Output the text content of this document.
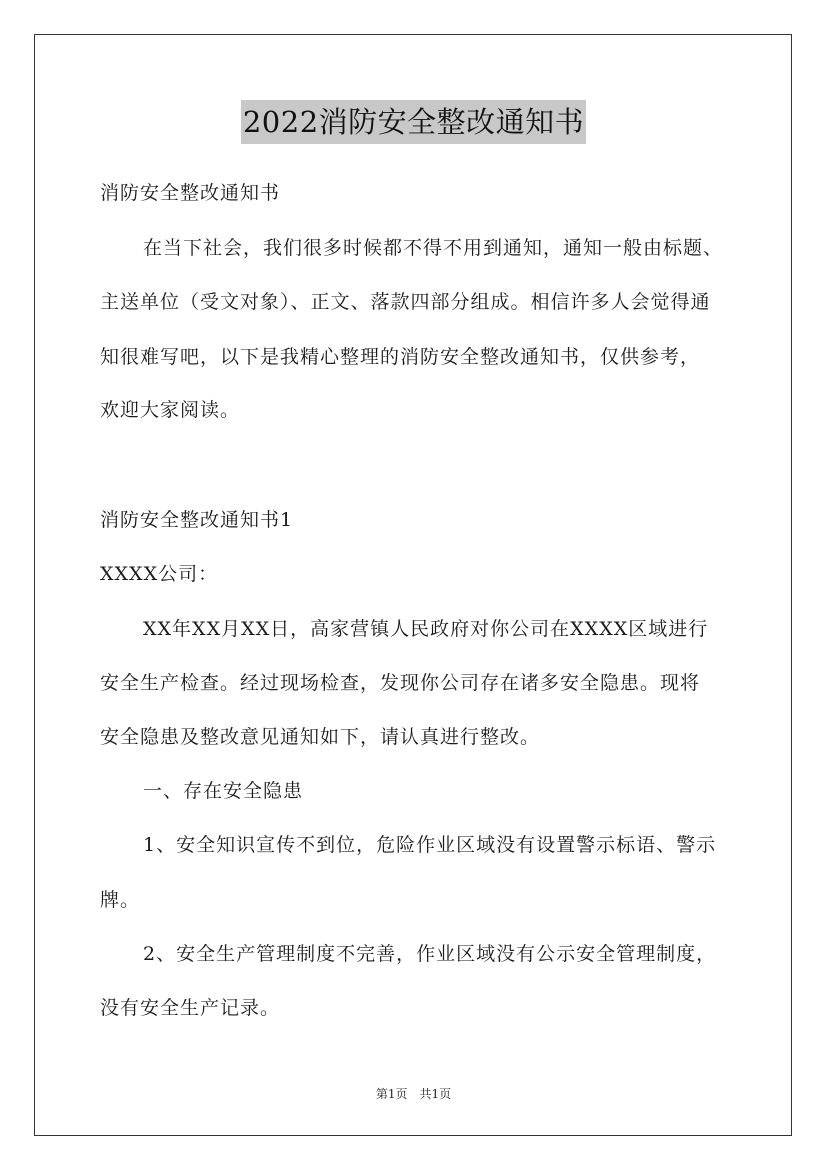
2022消防安全整改通知书
消防安全整改通知书
在当下社会，我们很多时候都不得不用到通知，通知一般由标题、
主送单位（受文对象）、正文、落款四部分组成。相信许多人会觉得通
知很难写吧，以下是我精心整理的消防安全整改通知书，仅供参考，
欢迎大家阅读。
消防安全整改通知书1
XXXX公司：
XX年XX月XX日，高家营镇人民政府对你公司在XXXX区域进行
安全生产检查。经过现场检查，发现你公司存在诸多安全隐患。现将
安全隐患及整改意见通知如下，请认真进行整改。
一、存在安全隐患
1、安全知识宣传不到位，危险作业区域没有设置警示标语、警示
牌。
2、安全生产管理制度不完善，作业区域没有公示安全管理制度，
没有安全生产记录。
第1页　共1页
